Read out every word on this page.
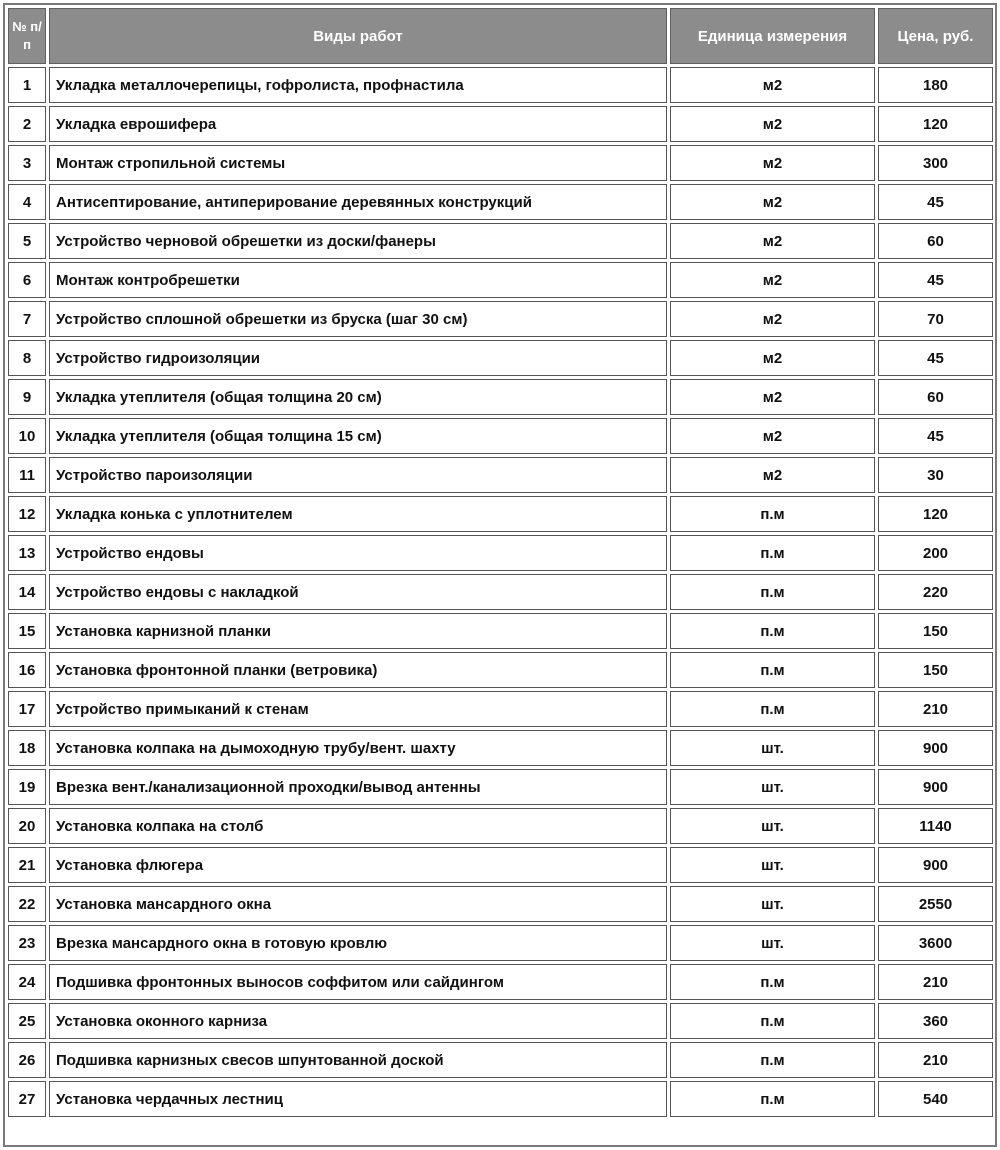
№ п/п	Виды работ	Единица измерения	Цена, руб.
1	Укладка металлочерепицы, гофролиста, профнастила	м2	180
2	Укладка еврошифера	м2	120
3	Монтаж стропильной системы	м2	300
4	Антисептирование, антиперирование деревянных конструкций	м2	45
5	Устройство черновой обрешетки из доски/фанеры	м2	60
6	Монтаж контробрешетки	м2	45
7	Устройство сплошной обрешетки из бруска (шаг 30 см)	м2	70
8	Устройство гидроизоляции	м2	45
9	Укладка утеплителя (общая толщина 20 см)	м2	60
10	Укладка утеплителя (общая толщина 15 см)	м2	45
11	Устройство пароизоляции	м2	30
12	Укладка конька с уплотнителем	п.м	120
13	Устройство ендовы	п.м	200
14	Устройство ендовы с накладкой	п.м	220
15	Установка карнизной планки	п.м	150
16	Установка фронтонной планки (ветровика)	п.м	150
17	Устройство примыканий к стенам	п.м	210
18	Установка колпака на дымоходную трубу/вент. шахту	шт.	900
19	Врезка вент./канализационной проходки/вывод антенны	шт.	900
20	Установка колпака на столб	шт.	1140
21	Установка флюгера	шт.	900
22	Установка мансардного окна	шт.	2550
23	Врезка мансардного окна в готовую кровлю	шт.	3600
24	Подшивка фронтонных выносов соффитом или сайдингом	п.м	210
25	Установка оконного карниза	п.м	360
26	Подшивка карнизных свесов шпунтованной доской	п.м	210
27	Установка чердачных лестниц	п.м	540
